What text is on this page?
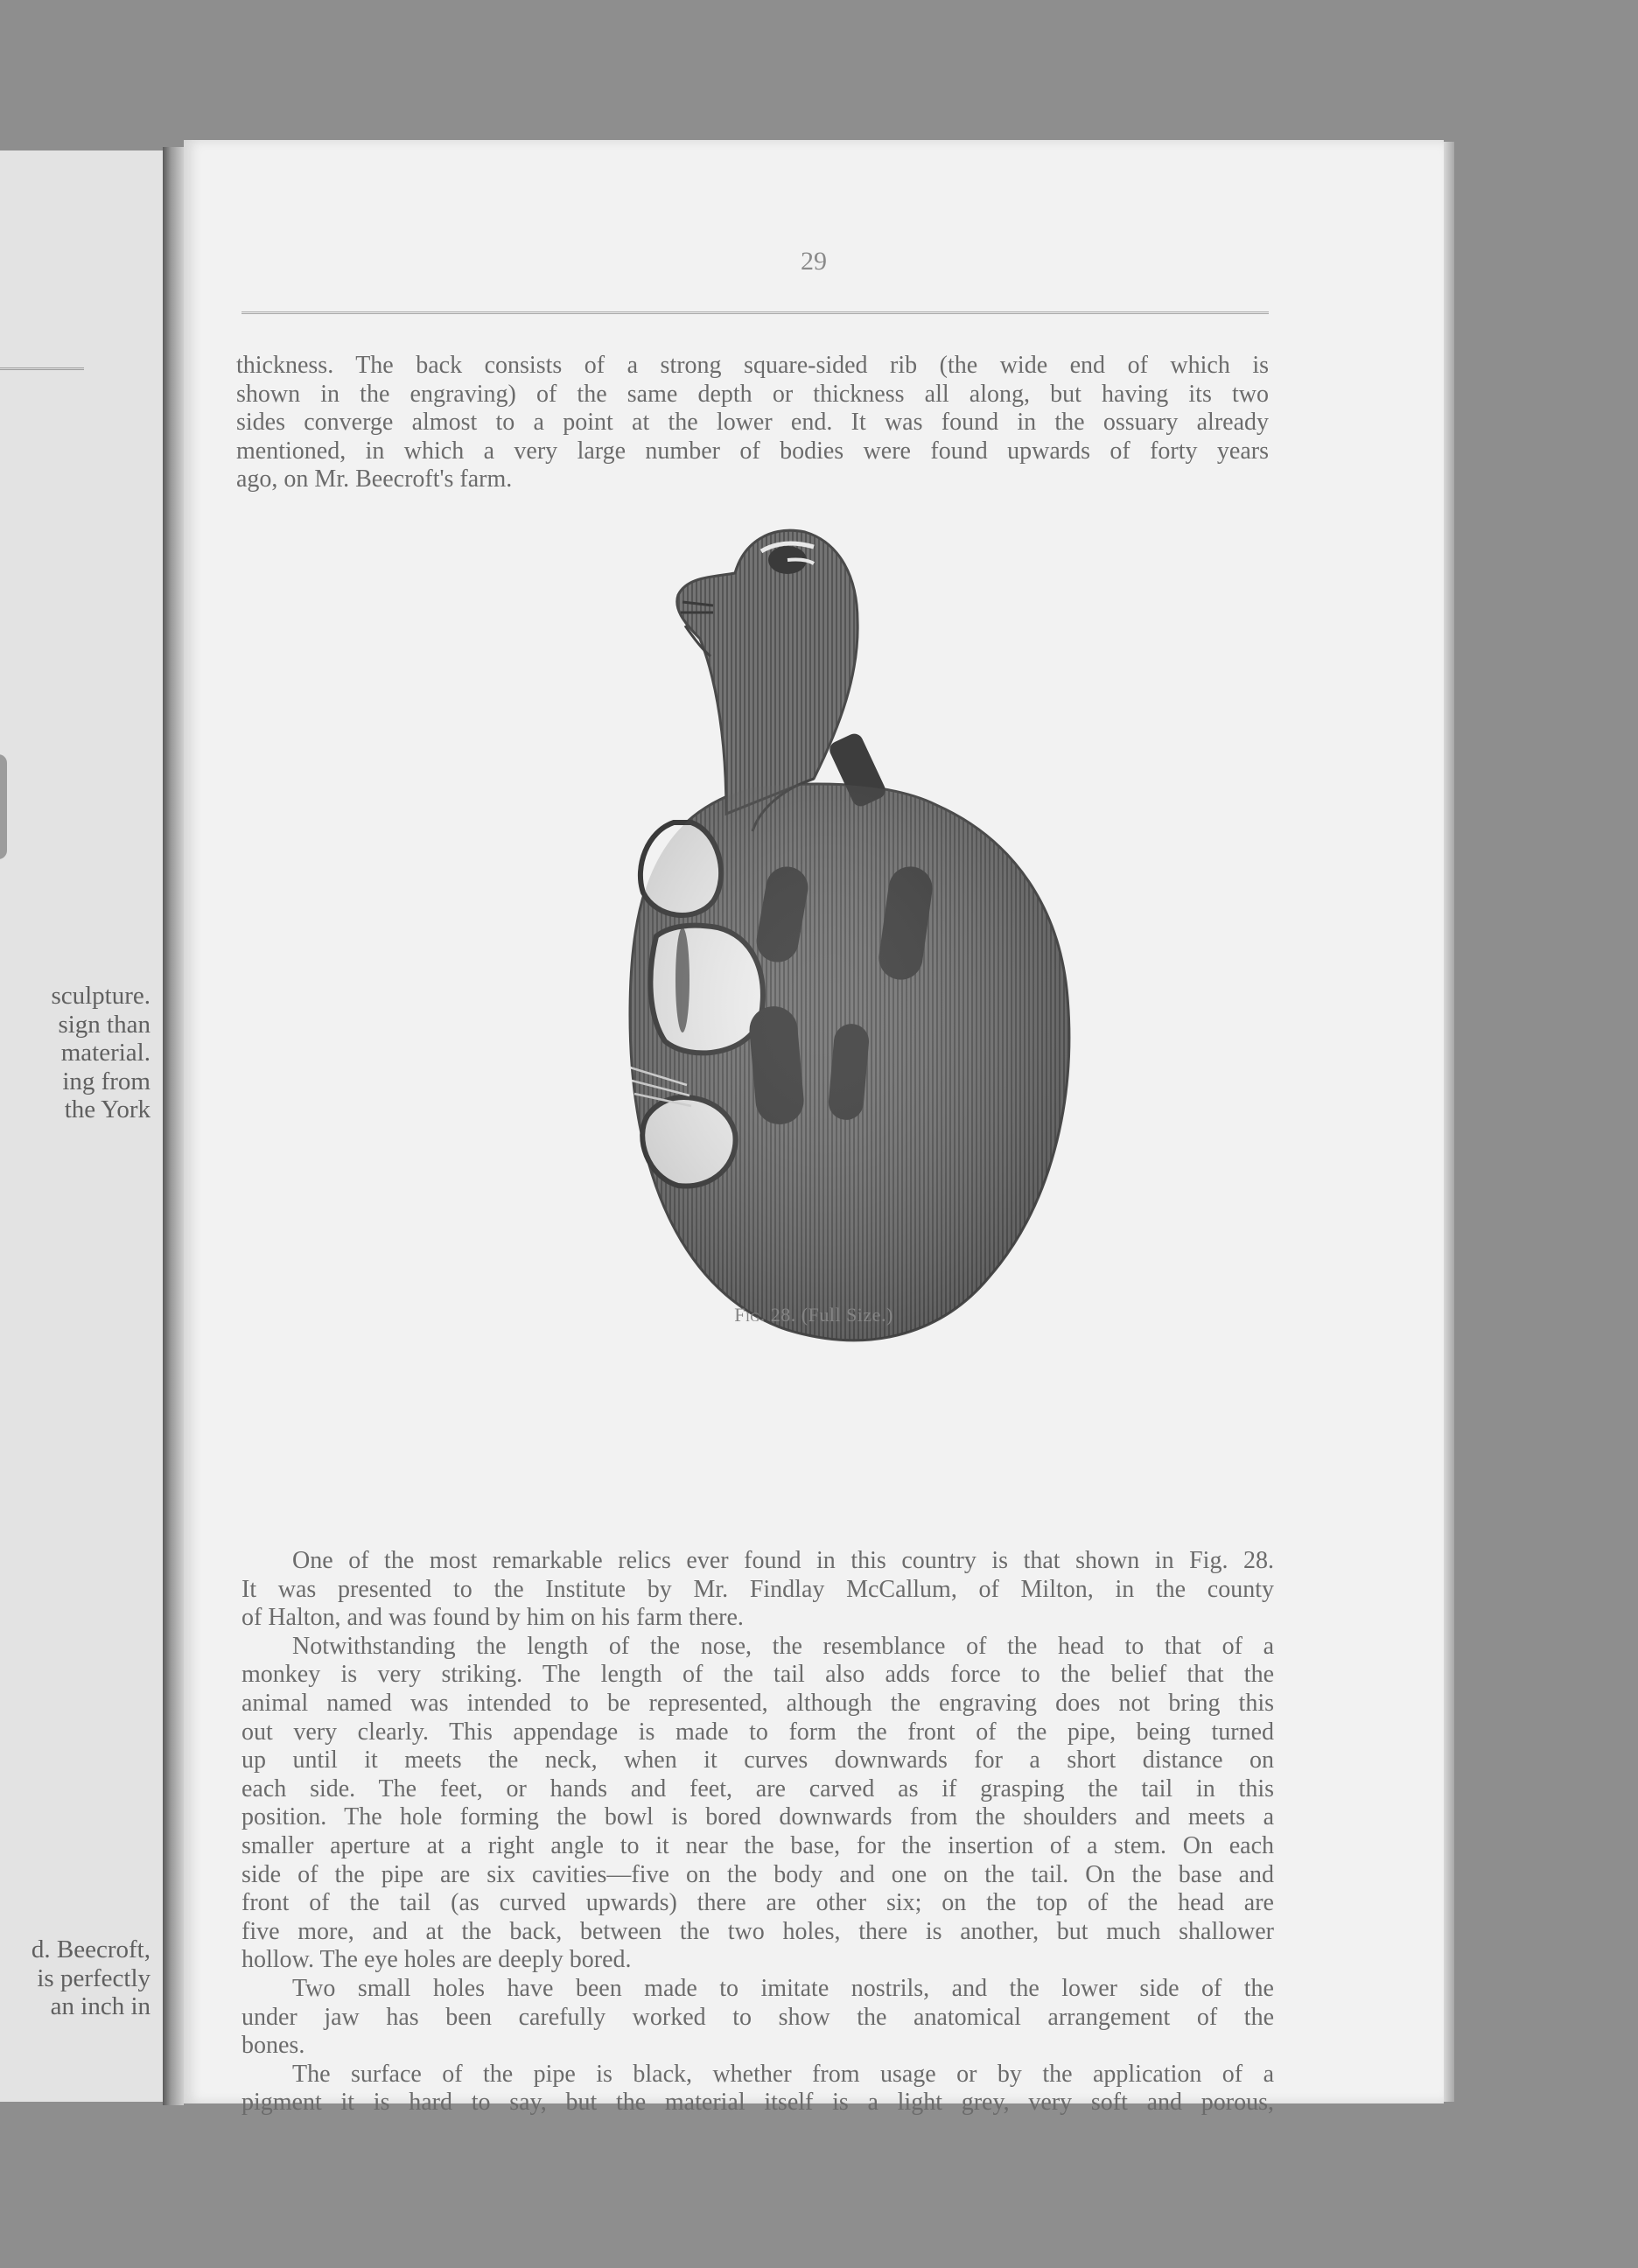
sculpture.
sign than
material.
ing from
the York
d. Beecroft,
is perfectly
an inch in
29
thickness. The back consists of a strong square-sided rib (the wide end of which is
shown in the engraving) of the same depth or thickness all along, but having its two
sides converge almost to a point at the lower end. It was found in the ossuary already
mentioned, in which a very large number of bodies were found upwards of forty years
ago, on Mr. Beecroft's farm.
Fig. 28. (Full Size.)
One of the most remarkable relics ever found in this country is that shown in Fig. 28.
It was presented to the Institute by Mr. Findlay McCallum, of Milton, in the county
of Halton, and was found by him on his farm there.
Notwithstanding the length of the nose, the resemblance of the head to that of a
monkey is very striking. The length of the tail also adds force to the belief that the
animal named was intended to be represented, although the engraving does not bring this
out very clearly. This appendage is made to form the front of the pipe, being turned
up until it meets the neck, when it curves downwards for a short distance on
each side. The feet, or hands and feet, are carved as if grasping the tail in this
position. The hole forming the bowl is bored downwards from the shoulders and meets a
smaller aperture at a right angle to it near the base, for the insertion of a stem. On each
side of the pipe are six cavities—five on the body and one on the tail. On the base and
front of the tail (as curved upwards) there are other six; on the top of the head are
five more, and at the back, between the two holes, there is another, but much shallower
hollow. The eye holes are deeply bored.
Two small holes have been made to imitate nostrils, and the lower side of the
under jaw has been carefully worked to show the anatomical arrangement of the
bones.
The surface of the pipe is black, whether from usage or by the application of a
pigment it is hard to say, but the material itself is a light grey, very soft and porous,
